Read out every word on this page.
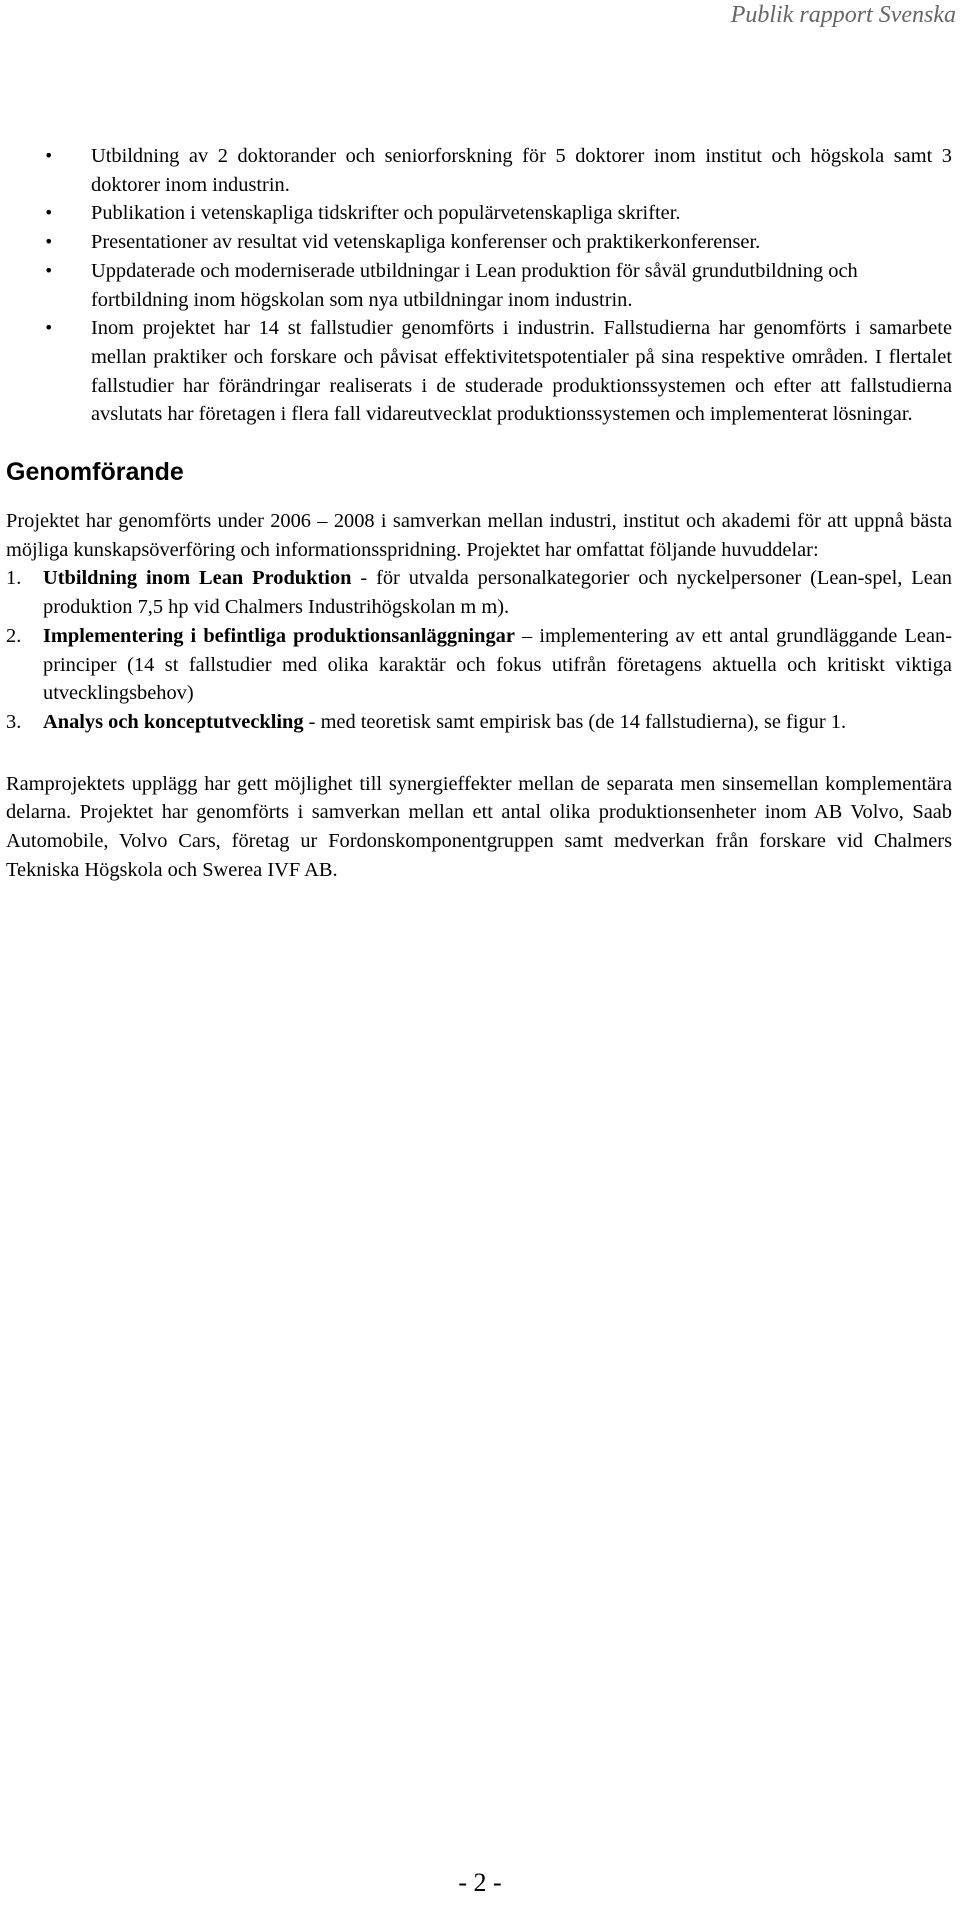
Publik rapport Svenska
• Utbildning av 2 doktorander och seniorforskning för 5 doktorer inom institut och högskola samt 3 doktorer inom industrin.
• Publikation i vetenskapliga tidskrifter och populärvetenskapliga skrifter.
• Presentationer av resultat vid vetenskapliga konferenser och praktikerkonferenser.
• Uppdaterade och moderniserade utbildningar i Lean produktion för såväl grundutbildning och fortbildning inom högskolan som nya utbildningar inom industrin.
• Inom projektet har 14 st fallstudier genomförts i industrin. Fallstudierna har genomförts i samarbete mellan praktiker och forskare och påvisat effektivitetspotentialer på sina respektive områden. I flertalet fallstudier har förändringar realiserats i de studerade produktionssystemen och efter att fallstudierna avslutats har företagen i flera fall vidareutvecklat produktionssystemen och implementerat lösningar.
Genomförande

Projektet har genomförts under 2006 – 2008 i samverkan mellan industri, institut och akademi för att uppnå bästa möjliga kunskapsöverföring och informationsspridning. Projektet har omfattat följande huvuddelar:

1. Utbildning inom Lean Produktion - för utvalda personalkategorier och nyckelpersoner (Lean-spel, Lean produktion 7,5 hp vid Chalmers Industrihögskolan m m).
2. Implementering i befintliga produktionsanläggningar – implementering av ett antal grundläggande Lean-principer (14 st fallstudier med olika karaktär och fokus utifrån företagens aktuella och kritiskt viktiga utvecklingsbehov)
3. Analys och konceptutveckling - med teoretisk samt empirisk bas (de 14 fallstudierna), se figur 1.

Ramprojektets upplägg har gett möjlighet till synergieffekter mellan de separata men sinsemellan komplementära delarna. Projektet har genomförts i samverkan mellan ett antal olika produktionsenheter inom AB Volvo, Saab Automobile, Volvo Cars, företag ur Fordonskomponentgruppen samt medverkan från forskare vid Chalmers Tekniska Högskola och Swerea IVF AB.

- 2 -
